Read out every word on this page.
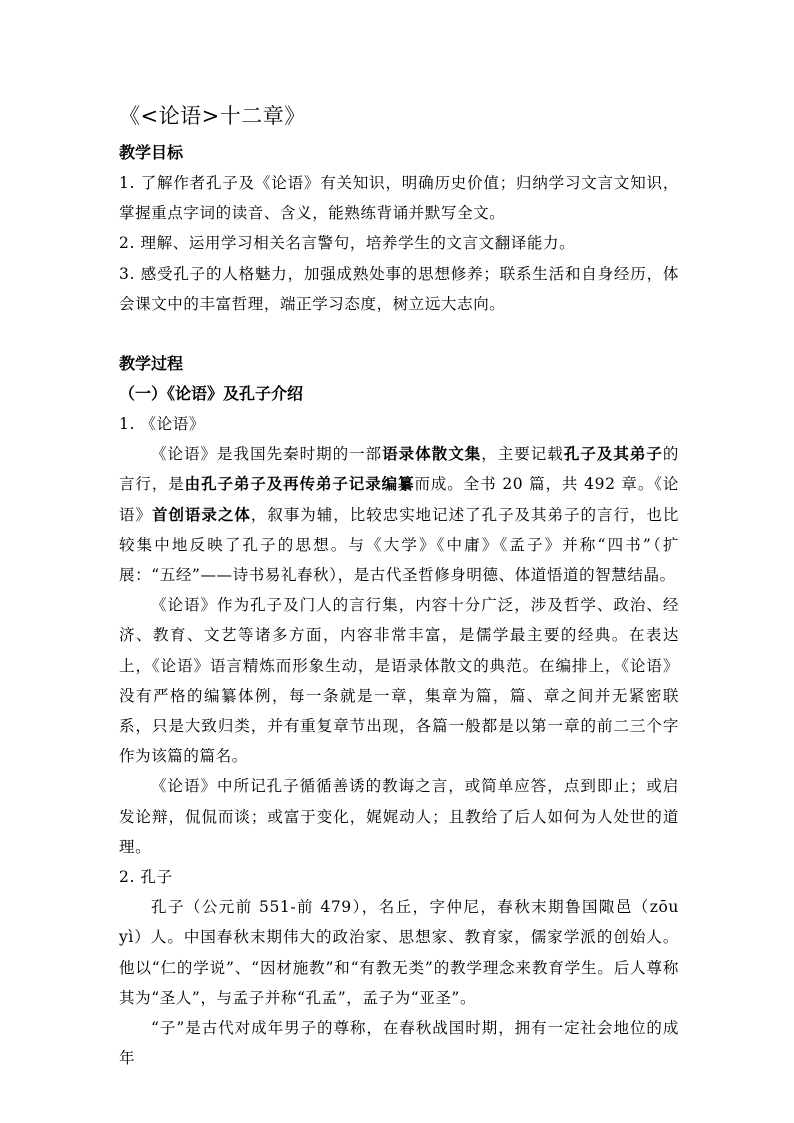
《<论语>十二章》
教学目标
1. 了解作者孔子及《论语》有关知识，明确历史价值；归纳学习文言文知识，掌握重点字词的读音、含义，能熟练背诵并默写全文。
2. 理解、运用学习相关名言警句，培养学生的文言文翻译能力。
3. 感受孔子的人格魅力，加强成熟处事的思想修养；联系生活和自身经历，体会课文中的丰富哲理，端正学习态度，树立远大志向。
教学过程
（一）《论语》及孔子介绍
1. 《论语》
《论语》是我国先秦时期的一部语录体散文集，主要记载孔子及其弟子的言行，是由孔子弟子及再传弟子记录编纂而成。全书 20 篇，共 492 章。《论语》首创语录之体，叙事为辅，比较忠实地记述了孔子及其弟子的言行，也比较集中地反映了孔子的思想。与《大学》《中庸》《孟子》并称“四书”（扩展：“五经”——诗书易礼春秋），是古代圣哲修身明德、体道悟道的智慧结晶。
《论语》作为孔子及门人的言行集，内容十分广泛，涉及哲学、政治、经济、教育、文艺等诸多方面，内容非常丰富，是儒学最主要的经典。在表达上，《论语》语言精炼而形象生动，是语录体散文的典范。在编排上，《论语》没有严格的编纂体例，每一条就是一章，集章为篇，篇、章之间并无紧密联系，只是大致归类，并有重复章节出现，各篇一般都是以第一章的前二三个字作为该篇的篇名。
《论语》中所记孔子循循善诱的教诲之言，或简单应答，点到即止；或启发论辩，侃侃而谈；或富于变化，娓娓动人；且教给了后人如何为人处世的道理。
2. 孔子
孔子（公元前 551-前 479），名丘，字仲尼，春秋末期鲁国陬邑（zōu yì）人。中国春秋末期伟大的政治家、思想家、教育家，儒家学派的创始人。他以“仁的学说”、“因材施教”和“有教无类”的教学理念来教育学生。后人尊称其为“圣人”，与孟子并称“孔孟”，孟子为“亚圣”。
“子”是古代对成年男子的尊称，在春秋战国时期，拥有一定社会地位的成年
